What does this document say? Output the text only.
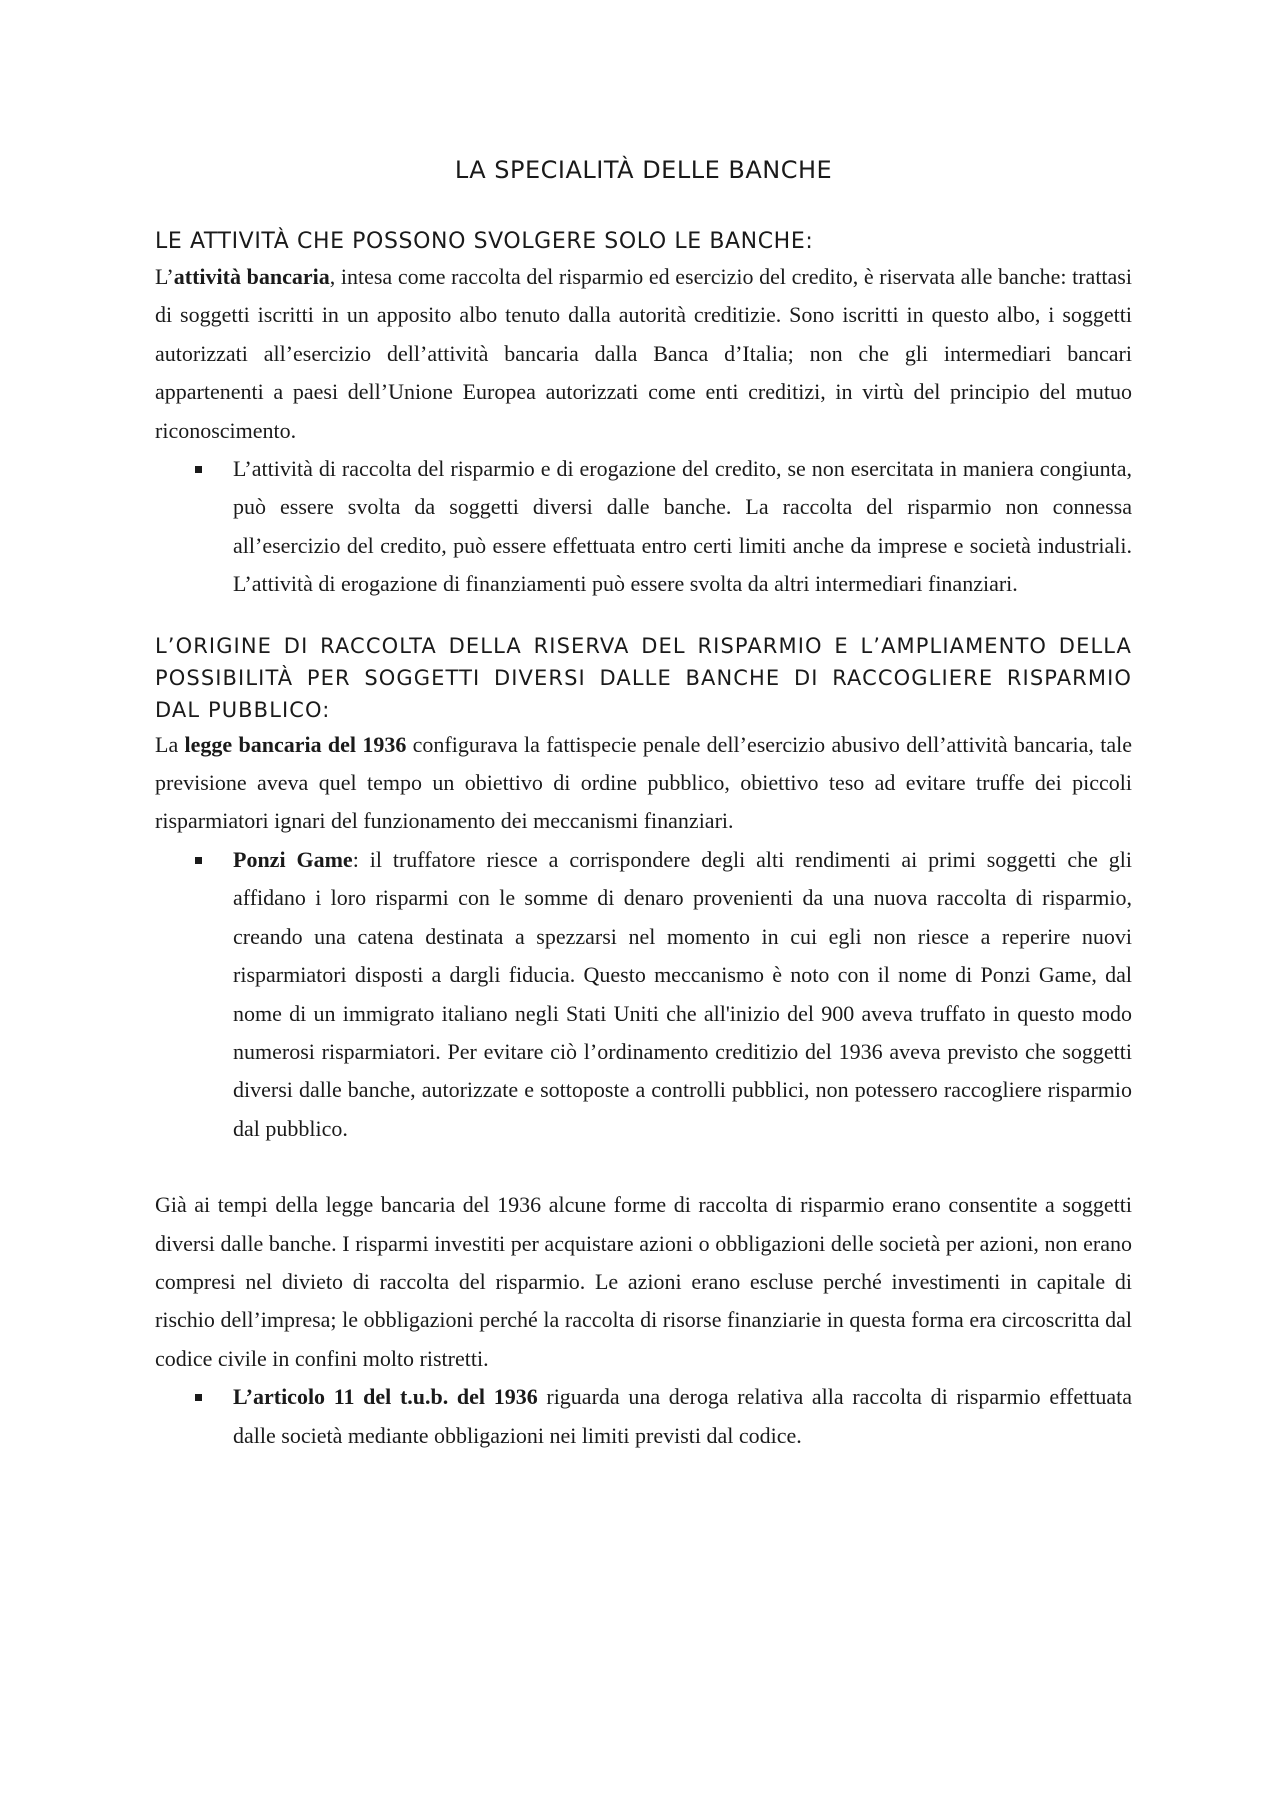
LA SPECIALITÀ DELLE BANCHE
LE ATTIVITÀ CHE POSSONO SVOLGERE SOLO LE BANCHE:

L’attività bancaria, intesa come raccolta del risparmio ed esercizio del credito, è riservata alle banche: trattasi di soggetti iscritti in un apposito albo tenuto dalla autorità creditizie. Sono iscritti in questo albo, i soggetti autorizzati all’esercizio dell’attività bancaria dalla Banca d’Italia; non che gli intermediari bancari appartenenti a paesi dell’Unione Europea autorizzati come enti creditizi, in virtù del principio del mutuo riconoscimento.

L’attività di raccolta del risparmio e di erogazione del credito, se non esercitata in maniera congiunta, può essere svolta da soggetti diversi dalle banche. La raccolta del risparmio non connessa all’esercizio del credito, può essere effettuata entro certi limiti anche da imprese e società industriali. L’attività di erogazione di finanziamenti può essere svolta da altri intermediari finanziari.
L’ORIGINE DI RACCOLTA DELLA RISERVA DEL RISPARMIO E L’AMPLIAMENTO DELLA POSSIBILITÀ PER SOGGETTI DIVERSI DALLE BANCHE DI RACCOGLIERE RISPARMIO DAL PUBBLICO:

La legge bancaria del 1936 configurava la fattispecie penale dell’esercizio abusivo dell’attività bancaria, tale previsione aveva quel tempo un obiettivo di ordine pubblico, obiettivo teso ad evitare truffe dei piccoli risparmiatori ignari del funzionamento dei meccanismi finanziari.

Ponzi Game: il truffatore riesce a corrispondere degli alti rendimenti ai primi soggetti che gli affidano i loro risparmi con le somme di denaro provenienti da una nuova raccolta di risparmio, creando una catena destinata a spezzarsi nel momento in cui egli non riesce a reperire nuovi risparmiatori disposti a dargli fiducia. Questo meccanismo è noto con il nome di Ponzi Game, dal nome di un immigrato italiano negli Stati Uniti che all'inizio del 900 aveva truffato in questo modo numerosi risparmiatori. Per evitare ciò l’ordinamento creditizio del 1936 aveva previsto che soggetti diversi dalle banche, autorizzate e sottoposte a controlli pubblici, non potessero raccogliere risparmio dal pubblico.

Già ai tempi della legge bancaria del 1936 alcune forme di raccolta di risparmio erano consentite a soggetti diversi dalle banche. I risparmi investiti per acquistare azioni o obbligazioni delle società per azioni, non erano compresi nel divieto di raccolta del risparmio. Le azioni erano escluse perché investimenti in capitale di rischio dell’impresa; le obbligazioni perché la raccolta di risorse finanziarie in questa forma era circoscritta dal codice civile in confini molto ristretti.

L’articolo 11 del t.u.b. del 1936 riguarda una deroga relativa alla raccolta di risparmio effettuata dalle società mediante obbligazioni nei limiti previsti dal codice.
